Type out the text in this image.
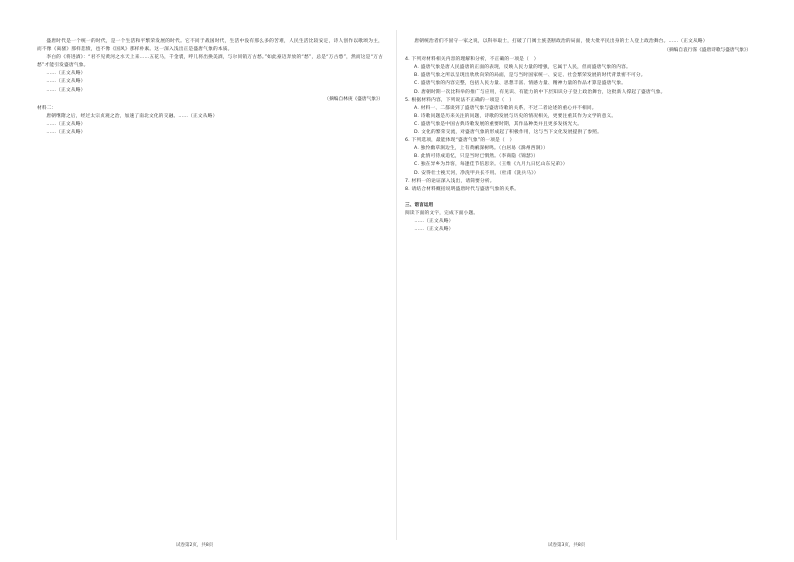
盛唐时代是一个统一的时代，是一个生活和平繁荣发展的时代。它不同于战国时代，生活中没有那么多的苦难，人民生活比较安定，诗人创作以歌颂为主，而不像《离骚》那样悲愤，也不像《国风》那样朴素。这一深入浅出正是盛唐气象的本质。

李白的《将进酒》：“君不见黄河之水天上来……五花马，千金裘，呼儿将出换美酒，与尔同销万古愁。”如此豪迈奔放的“愁”，总是“万古愁”，然而这是“万古愁”才能引发盛唐气象。

……（正文从略）

……（正文从略）

……（正文从略）

（摘编自林庚《盛唐气象》）

材料二：

唐朝继隋之后，经过太宗贞观之治，加速了南北文化的交融。……（正文从略）

……（正文从略）

……（正文从略）

唐朝统治者们不固守一家之说，以科举取士，打破了门阀士族垄断政治的局面，使大批平民出身的士人登上政治舞台。……（正文从略）

（摘编自袁行霈《盛唐诗歌与盛唐气象》）

4. 下列对材料相关内容的理解和分析，不正确的一项是（　）

A. 盛唐气象是唐人民盛唐的正面的表现，反映人民力量的增强，它属于人民，但而盛唐气象的内容。

B. 盛唐气象之所以呈现出欣欣向荣的局面，是与当时国家统一、安定、社会繁荣发展的时代背景密不可分。

C. 盛唐气象的内容完整，包括人民力量、思想丰富、情感力量、精神力量的作品才算是盛唐气象。

D. 唐朝时期一次比科举的推广与应用，有见识、有能力的中下层知识分子登上政治舞台，这批新人撑起了盛唐气象。

5. 根据材料内容，下列说法不正确的一项是（　）

A. 材料一、二都谈到了盛唐气象与盛唐诗歌的关系，不过二者论述的重心并不相同。

B. 诗歌问题是历来关注的问题，诗歌的发展与历史的情况相关，更要注重其作为文学的意义。

C. 盛唐气象是中国古典诗歌发展的重要时期，其作品种类并且更多发扬光大。

D. 文化的繁荣交流，对盛唐气象的形成起了积极作用，这与当下文化发展提供了参照。

6. 下列选项，最能体现“盛唐气象”的一项是（　）

A. 独怜幽草涧边生，上有黄鹂深树鸣。（白居易《滁州西涧》）

B. 此情可待成追忆，只是当时已惘然。（李商隐《锦瑟》）

C. 独在异乡为异客，每逢佳节倍思亲。（王维《九月九日忆山东兄弟》）

D. 安得壮士挽天河，净洗甲兵长不用。（杜甫《洗兵马》）

7. 材料一的论证深入浅出，请简要分析。

8. 请结合材料概括说明盛唐时代与盛唐气象的关系。

三、语言运用

阅读下面的文字，完成下面小题。

……（正文从略）

……（正文从略）

试卷第2页，共8页	试卷第3页，共8页
